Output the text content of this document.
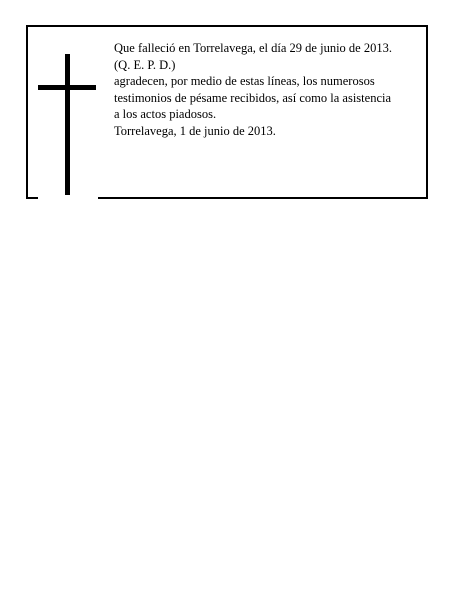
Que falleció en Torrelavega, el día 29 de junio de 2013.
(Q. E. P. D.)
agradecen, por medio de estas líneas, los numerosos
testimonios de pésame recibidos, así como la asistencia
a los actos piadosos.
Torrelavega, 1 de junio de 2013.
